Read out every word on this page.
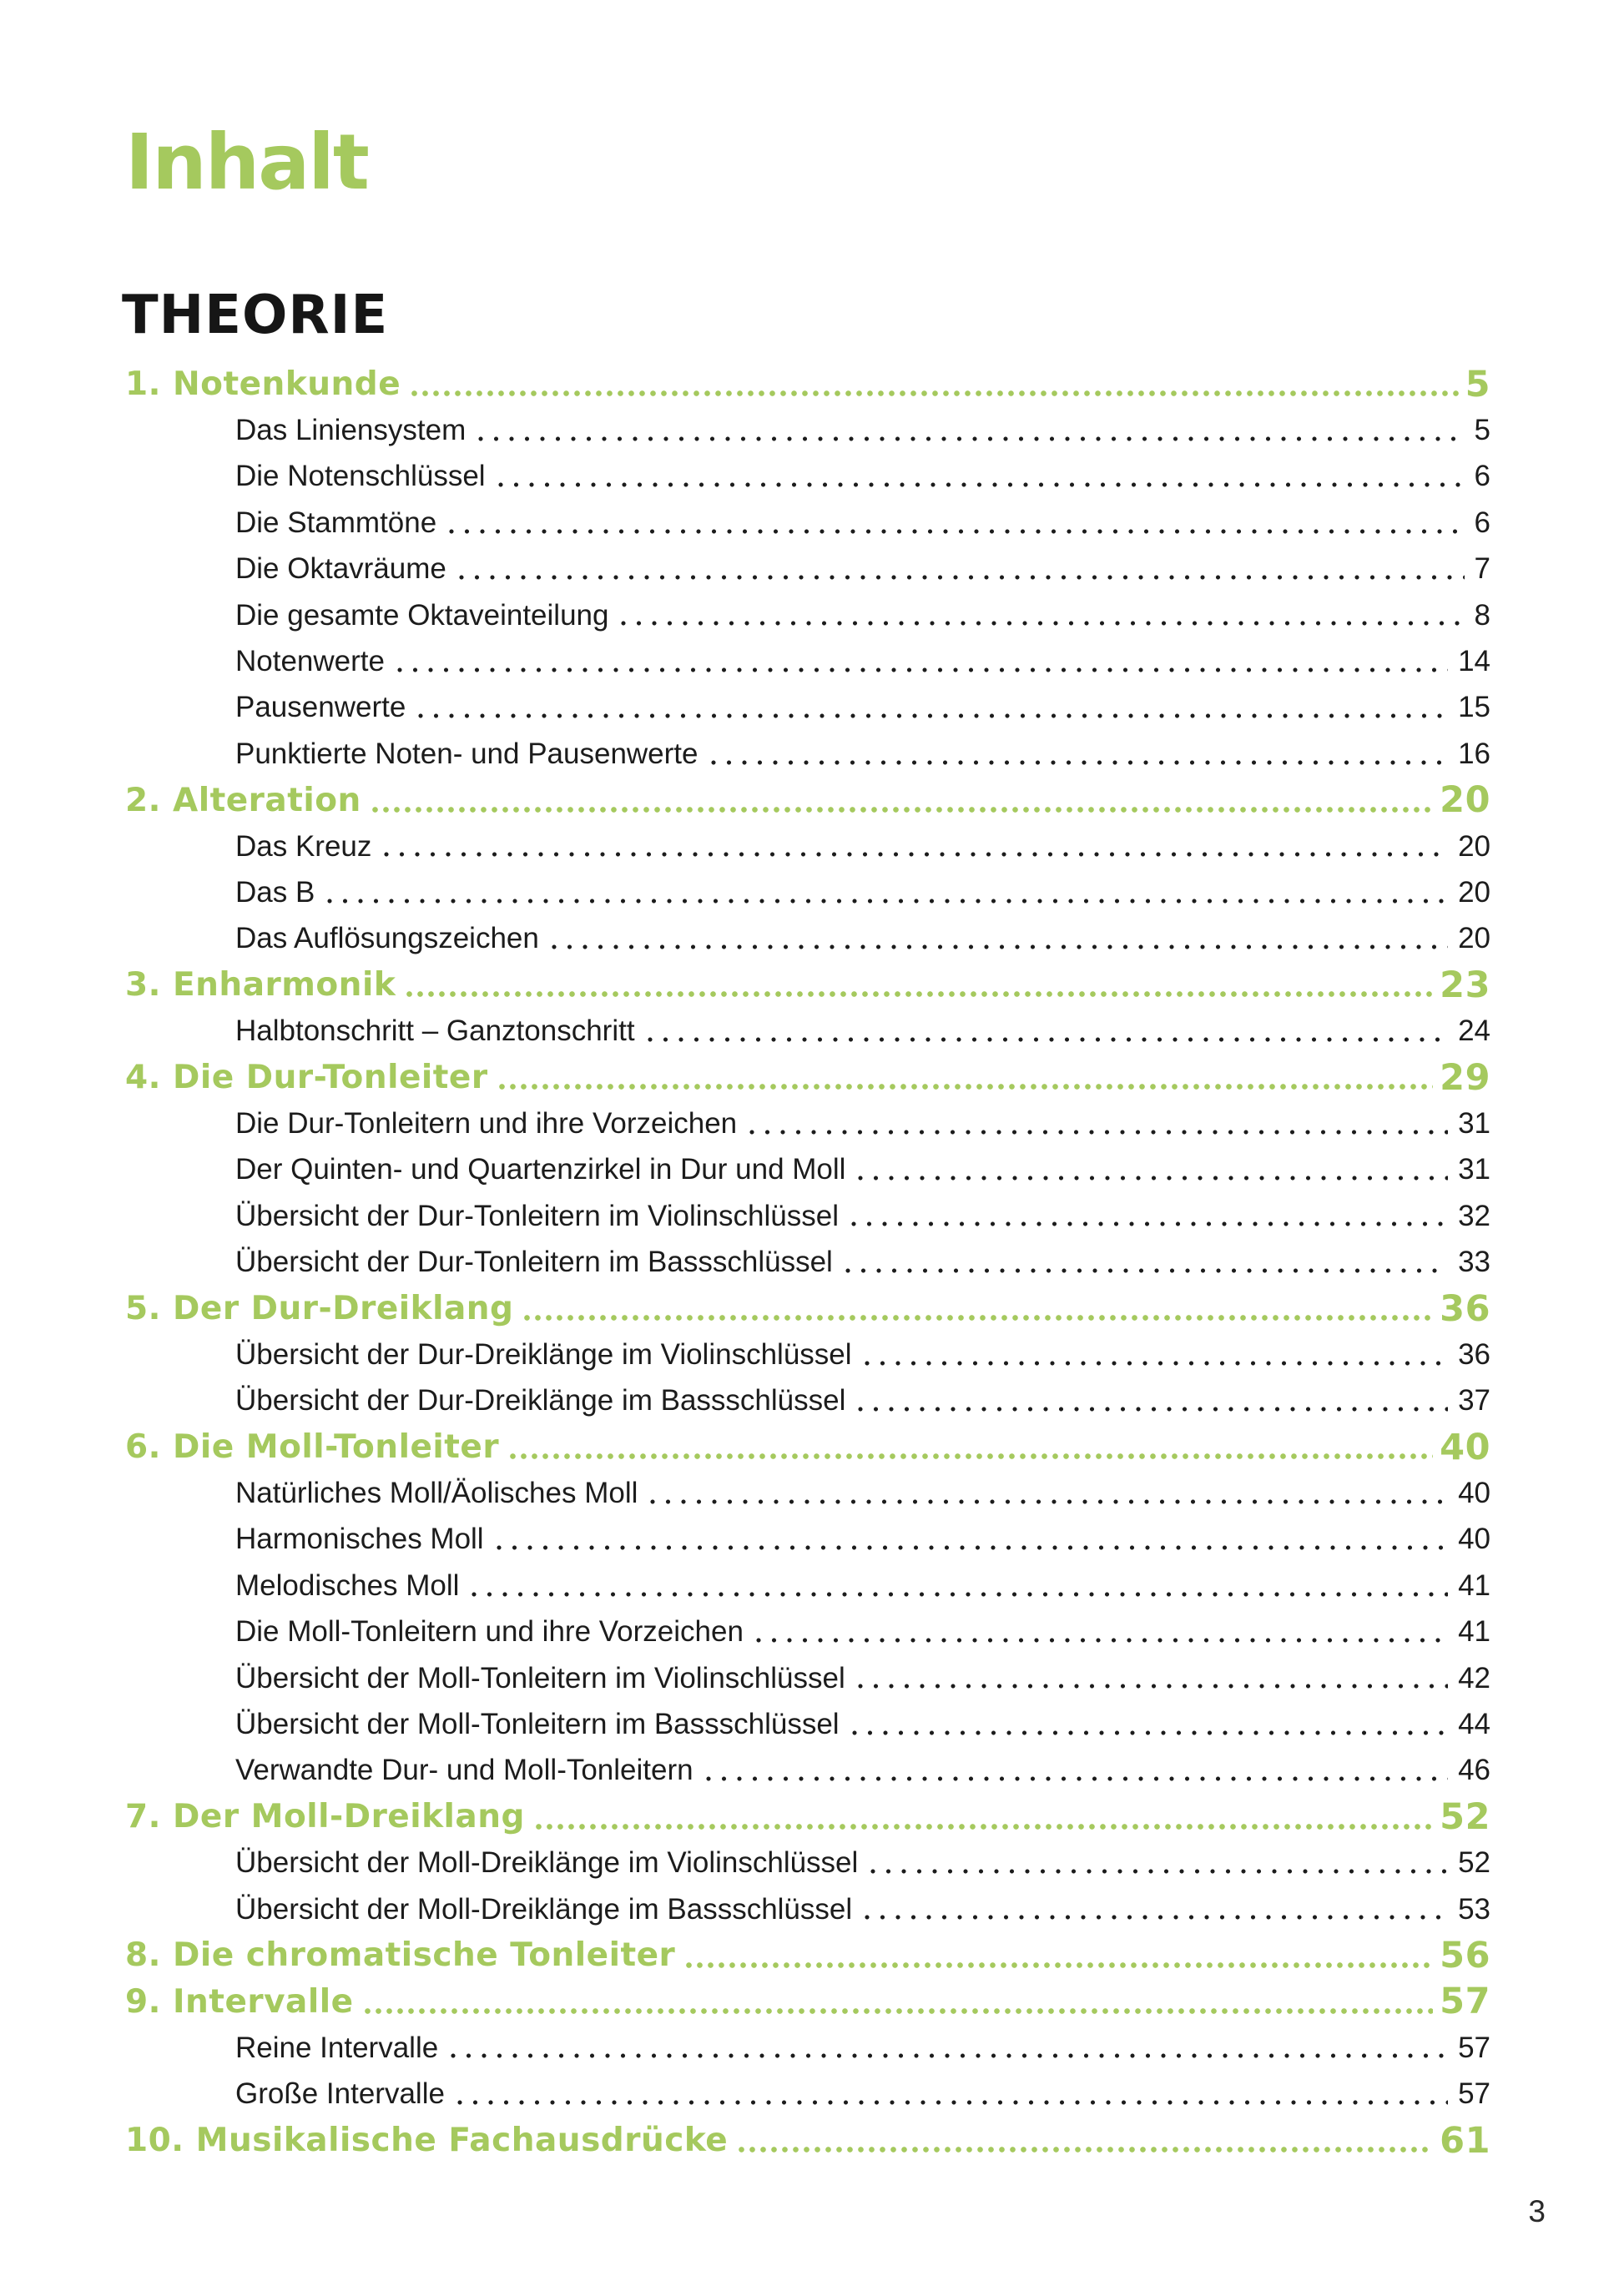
Inhalt
THEORIE
1. Notenkunde	5
Das Liniensystem	5
Die Notenschlüssel	6
Die Stammtöne	6
Die Oktavräume	7
Die gesamte Oktaveinteilung	8
Notenwerte	14
Pausenwerte	15
Punktierte Noten- und Pausenwerte	16
2. Alteration	20
Das Kreuz	20
Das B	20
Das Auflösungszeichen	20
3. Enharmonik	23
Halbtonschritt – Ganztonschritt	24
4. Die Dur-Tonleiter	29
Die Dur-Tonleitern und ihre Vorzeichen	31
Der Quinten- und Quartenzirkel in Dur und Moll	31
Übersicht der Dur-Tonleitern im Violinschlüssel	32
Übersicht der Dur-Tonleitern im Bassschlüssel	33
5. Der Dur-Dreiklang	36
Übersicht der Dur-Dreiklänge im Violinschlüssel	36
Übersicht der Dur-Dreiklänge im Bassschlüssel	37
6. Die Moll-Tonleiter	40
Natürliches Moll/Äolisches Moll	40
Harmonisches Moll	40
Melodisches Moll	41
Die Moll-Tonleitern und ihre Vorzeichen	41
Übersicht der Moll-Tonleitern im Violinschlüssel	42
Übersicht der Moll-Tonleitern im Bassschlüssel	44
Verwandte Dur- und Moll-Tonleitern	46
7. Der Moll-Dreiklang	52
Übersicht der Moll-Dreiklänge im Violinschlüssel	52
Übersicht der Moll-Dreiklänge im Bassschlüssel	53
8. Die chromatische Tonleiter	56
9. Intervalle	57
Reine Intervalle	57
Große Intervalle	57
10. Musikalische Fachausdrücke	61
3
